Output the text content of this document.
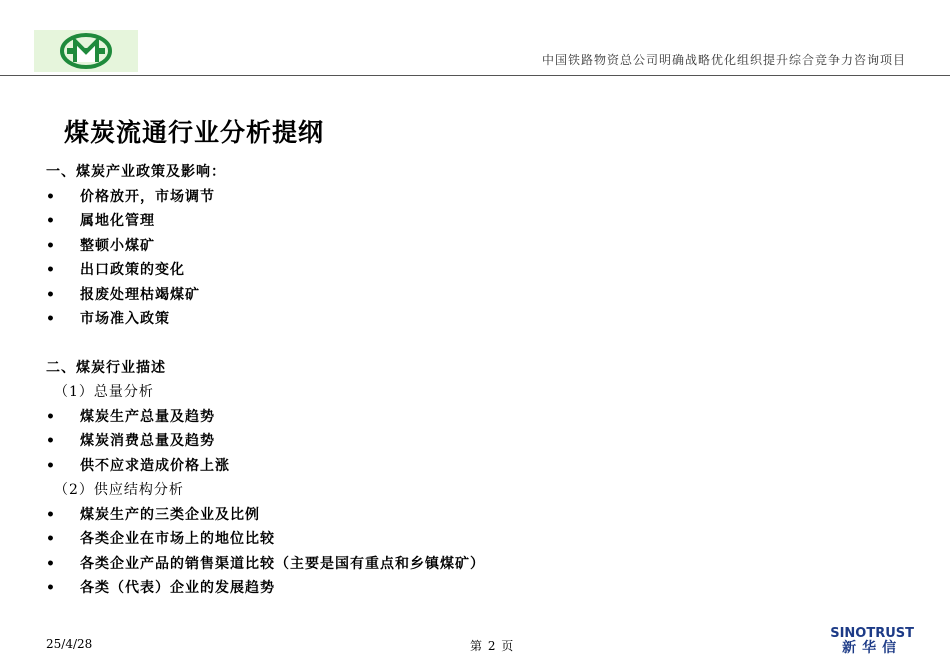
中国铁路物资总公司明确战略优化组织提升综合竞争力咨询项目
煤炭流通行业分析提纲
一、煤炭产业政策及影响：
•	价格放开，市场调节
•	属地化管理
•	整顿小煤矿
•	出口政策的变化
•	报废处理枯竭煤矿
•	市场准入政策
二、煤炭行业描述
（1）总量分析
•	煤炭生产总量及趋势
•	煤炭消费总量及趋势
•	供不应求造成价格上涨
（2）供应结构分析
•	煤炭生产的三类企业及比例
•	各类企业在市场上的地位比较
•	各类企业产品的销售渠道比较（主要是国有重点和乡镇煤矿）
•	各类（代表）企业的发展趋势
25/4/28	第 2 页
SINOTRUST
新华信
